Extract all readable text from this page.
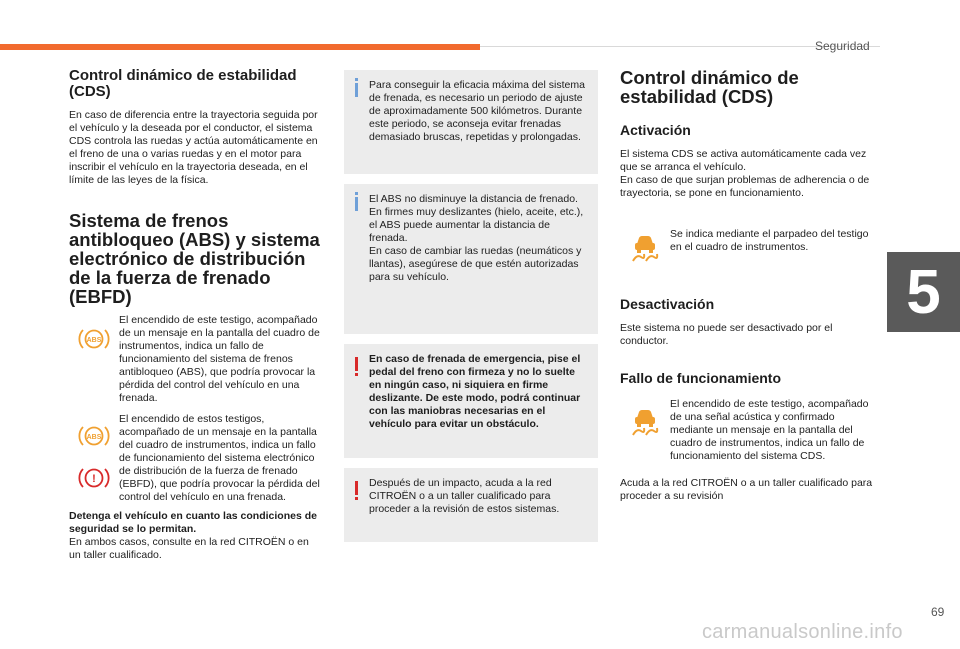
Seguridad
5
69
carmanualsonline.info
Control dinámico de estabilidad (CDS)

En caso de diferencia entre la trayectoria seguida por el vehículo y la deseada por el conductor, el sistema CDS controla las ruedas y actúa automáticamente en el freno de una o varias ruedas y en el motor para inscribir el vehículo en la trayectoria deseada, en el límite de las leyes de la física.

Sistema de frenos antibloqueo (ABS) y sistema electrónico de distribución de la fuerza de frenado (EBFD)
ABS

El encendido de este testigo, acompañado de un mensaje en la pantalla del cuadro de instrumentos, indica un fallo de funcionamiento del sistema de frenos antibloqueo (ABS), que podría provocar la pérdida del control del vehículo en una frenada.

ABS
!

El encendido de estos testigos, acompañado de un mensaje en la pantalla del cuadro de instrumentos, indica un fallo de funcionamiento del sistema electrónico de distribución de la fuerza de frenado (EBFD), que podría provocar la pérdida del control del vehículo en una frenada.

Detenga el vehículo en cuanto las condiciones de seguridad se lo permitan.

En ambos casos, consulte en la red CITROËN o en un taller cualificado.

Para conseguir la eficacia máxima del sistema de frenada, es necesario un periodo de ajuste de aproximadamente 500 kilómetros. Durante este periodo, se aconseja evitar frenadas demasiado bruscas, repetidas y prolongadas.

El ABS no disminuye la distancia de frenado. En firmes muy deslizantes (hielo, aceite, etc.), el ABS puede aumentar la distancia de frenada.
En caso de cambiar las ruedas (neumáticos y llantas), asegúrese de que estén autorizadas para su vehículo.

En caso de frenada de emergencia, pise el pedal del freno con firmeza y no lo suelte en ningún caso, ni siquiera en firme deslizante. De este modo, podrá continuar con las maniobras necesarias en el vehículo para evitar un obstáculo.

Después de un impacto, acuda a la red CITROËN o a un taller cualificado para proceder a la revisión de estos sistemas.

Control dinámico de estabilidad (CDS)
Activación

El sistema CDS se activa automáticamente cada vez que se arranca el vehículo.
En caso de que surjan problemas de adherencia o de trayectoria, se pone en funcionamiento.

Se indica mediante el parpadeo del testigo en el cuadro de instrumentos.

Desactivación

Este sistema no puede ser desactivado por el conductor.

Fallo de funcionamiento

El encendido de este testigo, acompañado de una señal acústica y confirmado mediante un mensaje en la pantalla del cuadro de instrumentos, indica un fallo de funcionamiento del sistema CDS.

Acuda a la red CITROËN o a un taller cualificado para proceder a su revisión
